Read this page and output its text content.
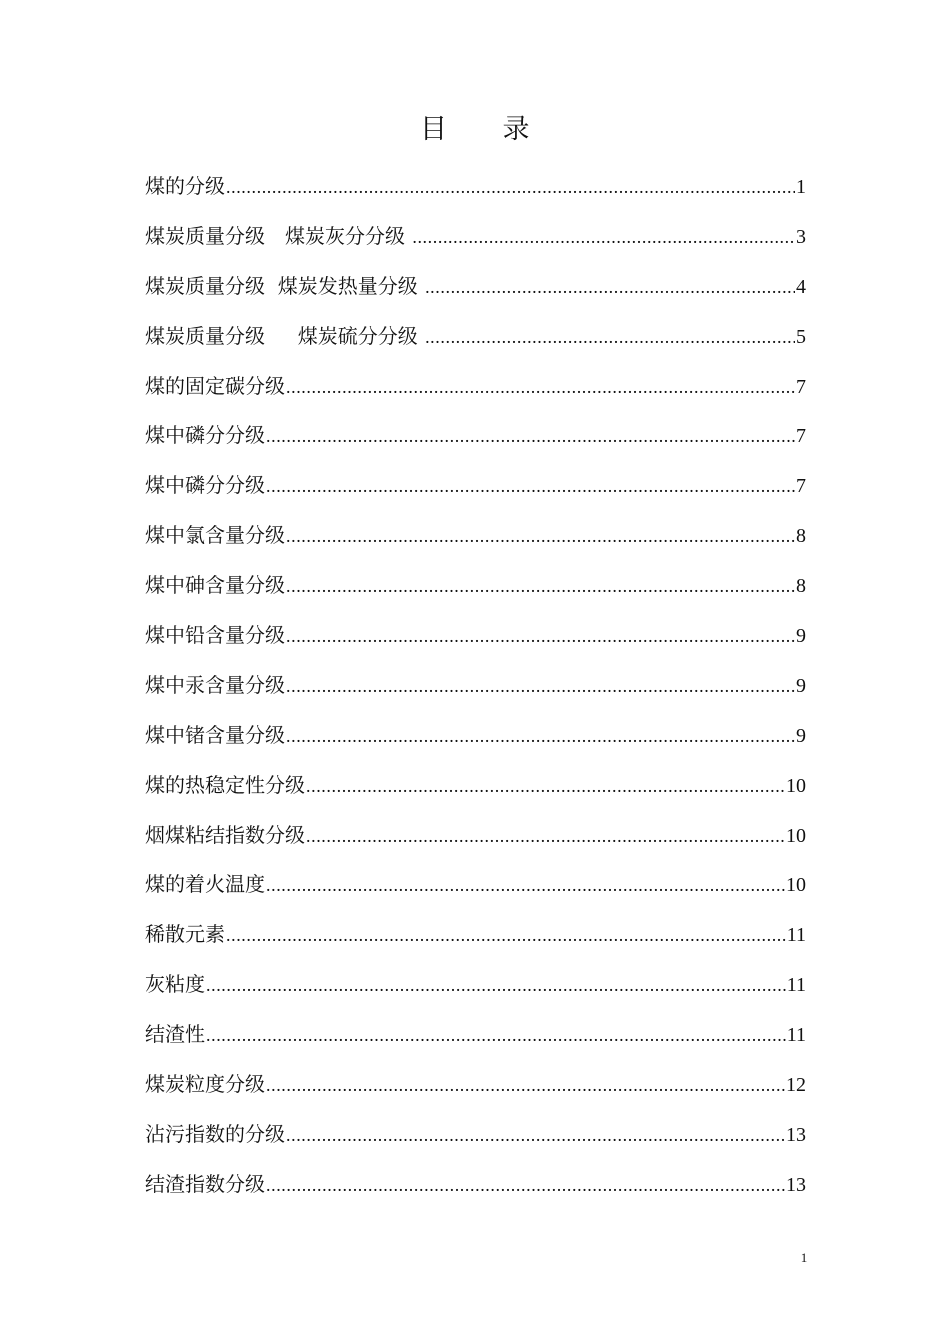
目　　录
煤的分级 .....	1
煤炭质量分级　煤炭灰分分级 .....	3
煤炭质量分级  煤炭发热量分级 .....	4
煤炭质量分级　  煤炭硫分分级 .....	5
煤的固定碳分级 .....	7
煤中磷分分级 .....	7
煤中磷分分级 .....	7
煤中氯含量分级 .....	8
煤中砷含量分级 .....	8
煤中铅含量分级 .....	9
煤中汞含量分级 .....	9
煤中锗含量分级 .....	9
煤的热稳定性分级 .....	10
烟煤粘结指数分级 .....	10
煤的着火温度 .....	10
稀散元素 .....	11
灰粘度 .....	11
结渣性 .....	11
煤炭粒度分级 .....	12
沾污指数的分级 .....	13
结渣指数分级 .....	13
1
